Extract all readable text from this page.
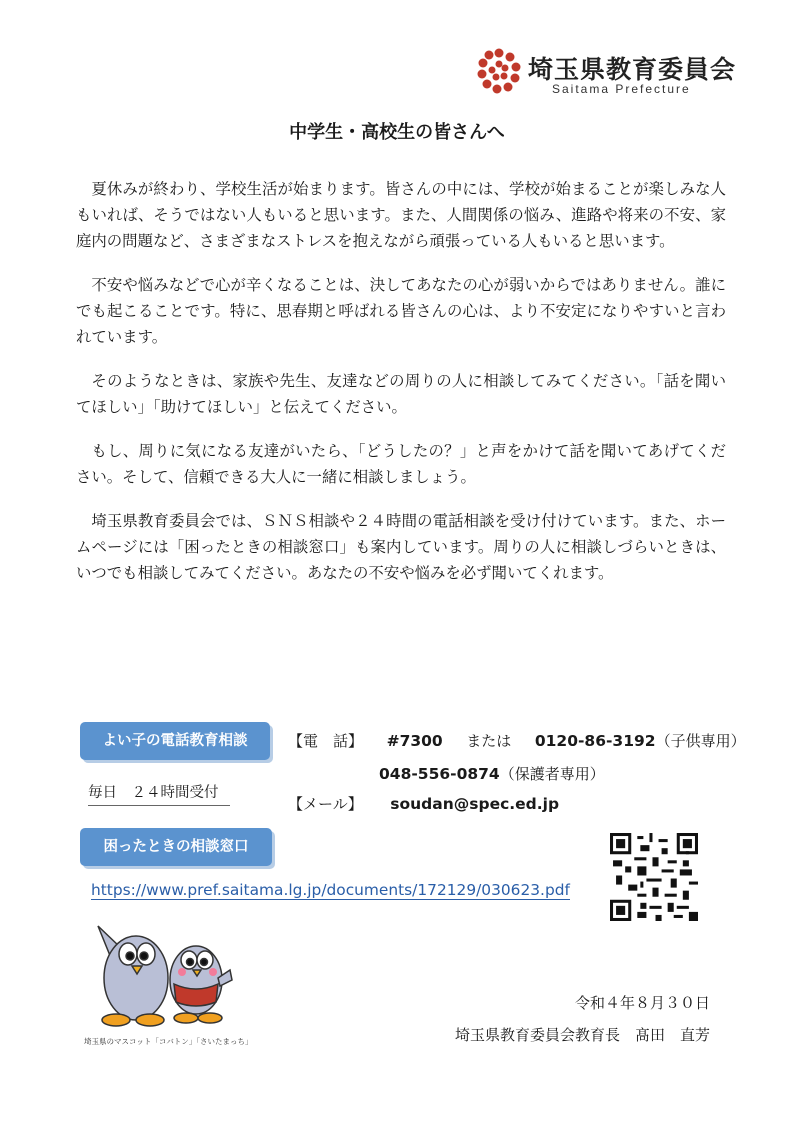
埼玉県教育委員会
Saitama Prefecture
中学生・高校生の皆さんへ

夏休みが終わり、学校生活が始まります。皆さんの中には、学校が始まることが楽しみな人もいれば、そうではない人もいると思います。また、人間関係の悩み、進路や将来の不安、家庭内の問題など、さまざまなストレスを抱えながら頑張っている人もいると思います。

不安や悩みなどで心が辛くなることは、決してあなたの心が弱いからではありません。誰にでも起こることです。特に、思春期と呼ばれる皆さんの心は、より不安定になりやすいと言われています。

そのようなときは、家族や先生、友達などの周りの人に相談してみてください。「話を聞いてほしい」「助けてほしい」と伝えてください。

もし、周りに気になる友達がいたら、「どうしたの？」と声をかけて話を聞いてあげてください。そして、信頼できる大人に一緒に相談しましょう。

埼玉県教育委員会では、ＳＮＳ相談や２４時間の電話相談を受け付けています。また、ホームページには「困ったときの相談窓口」も案内しています。周りの人に相談しづらいときは、いつでも相談してみてください。あなたの不安や悩みを必ず聞いてくれます。

よい子の電話教育相談
毎日　２４時間受付
【電　話】 #7300 または 0120-86-3192（子供専用）
048-556-0874（保護者専用）
【メール】 soudan@spec.ed.jp
困ったときの相談窓口
https://www.pref.saitama.lg.jp/documents/172129/030623.pdf
埼玉県のマスコット「コバトン」「さいたまっち」
令和４年８月３０日
埼玉県教育委員会教育長　髙田　直芳
